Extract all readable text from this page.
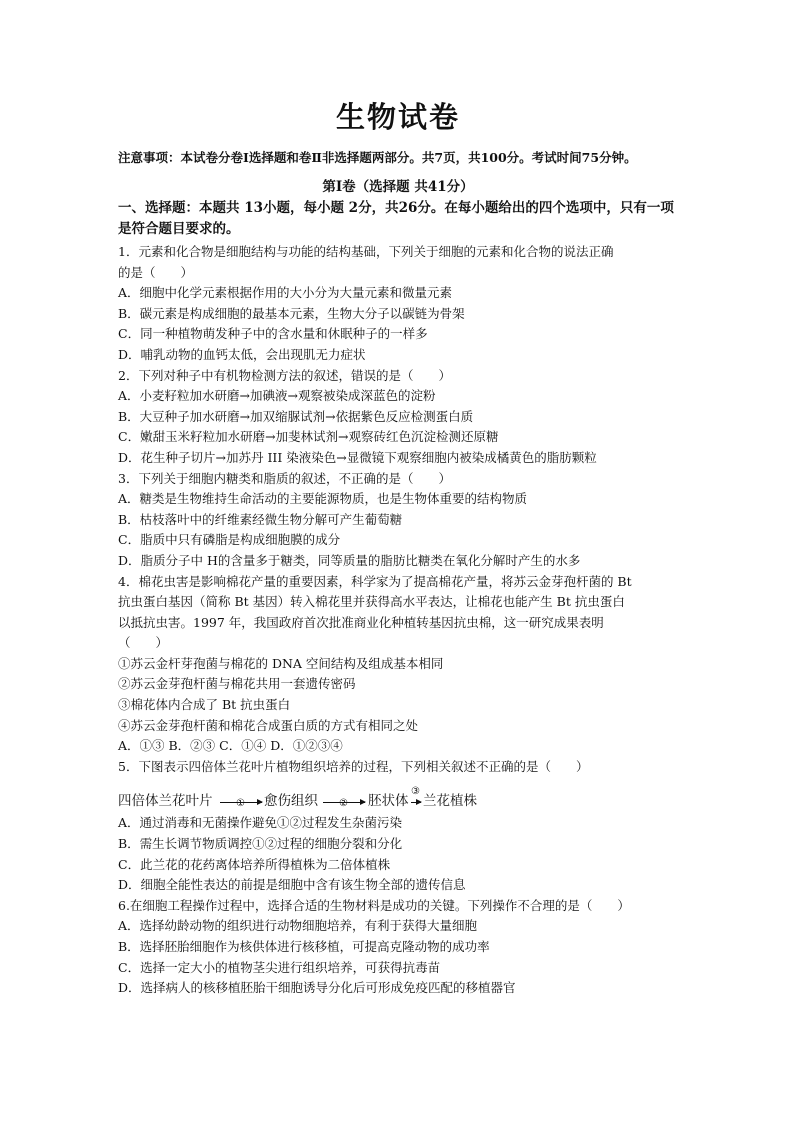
生物试卷

注意事项：本试卷分卷Ⅰ选择题和卷Ⅱ非选择题两部分。共7页，共100分。考试时间75分钟。

第Ⅰ卷（选择题 共41分）

一、选择题：本题共 13小题，每小题 2分，共26分。在每小题给出的四个选项中，只有一项是符合题目要求的。

1．元素和化合物是细胞结构与功能的结构基础，下列关于细胞的元素和化合物的说法正确

的是（　　）

A．细胞中化学元素根据作用的大小分为大量元素和微量元素

B．碳元素是构成细胞的最基本元素，生物大分子以碳链为骨架

C．同一种植物萌发种子中的含水量和休眠种子的一样多

D．哺乳动物的血钙太低，会出现肌无力症状

2．下列对种子中有机物检测方法的叙述，错误的是（　　）

A．小麦籽粒加水研磨→加碘液→观察被染成深蓝色的淀粉

B．大豆种子加水研磨→加双缩脲试剂→依据紫色反应检测蛋白质

C．嫩甜玉米籽粒加水研磨→加斐林试剂→观察砖红色沉淀检测还原糖

D．花生种子切片→加苏丹 III 染液染色→显微镜下观察细胞内被染成橘黄色的脂肪颗粒

3．下列关于细胞内糖类和脂质的叙述，不正确的是（　　）

A．糖类是生物维持生命活动的主要能源物质，也是生物体重要的结构物质

B．枯枝落叶中的纤维素经微生物分解可产生葡萄糖

C．脂质中只有磷脂是构成细胞膜的成分

D．脂质分子中 H的含量多于糖类，同等质量的脂肪比糖类在氧化分解时产生的水多

4．棉花虫害是影响棉花产量的重要因素，科学家为了提高棉花产量，将苏云金芽孢杆菌的 Bt

抗虫蛋白基因（简称 Bt 基因）转入棉花里并获得高水平表达，让棉花也能产生 Bt 抗虫蛋白

以抵抗虫害。1997 年，我国政府首次批准商业化种植转基因抗虫棉，这一研究成果表明

（　　）

①苏云金杆芽孢菌与棉花的 DNA 空间结构及组成基本相同

②苏云金芽孢杆菌与棉花共用一套遗传密码

③棉花体内合成了 Bt 抗虫蛋白

④苏云金芽孢杆菌和棉花合成蛋白质的方式有相同之处

A．①③ B．②③ C．①④ D．①②③④

5．下图表示四倍体兰花叶片植物组织培养的过程，下列相关叙述不正确的是（　　）

四倍体兰花叶片 ① 愈伤组织 ② 胚状体
③
兰花植株

A．通过消毒和无菌操作避免①②过程发生杂菌污染

B．需生长调节物质调控①②过程的细胞分裂和分化

C．此兰花的花药离体培养所得植株为二倍体植株

D．细胞全能性表达的前提是细胞中含有该生物全部的遗传信息

6.在细胞工程操作过程中，选择合适的生物材料是成功的关键。下列操作不合理的是（　　）

A．选择幼龄动物的组织进行动物细胞培养，有利于获得大量细胞

B．选择胚胎细胞作为核供体进行核移植，可提高克隆动物的成功率

C．选择一定大小的植物茎尖进行组织培养，可获得抗毒苗

D．选择病人的核移植胚胎干细胞诱导分化后可形成免疫匹配的移植器官
